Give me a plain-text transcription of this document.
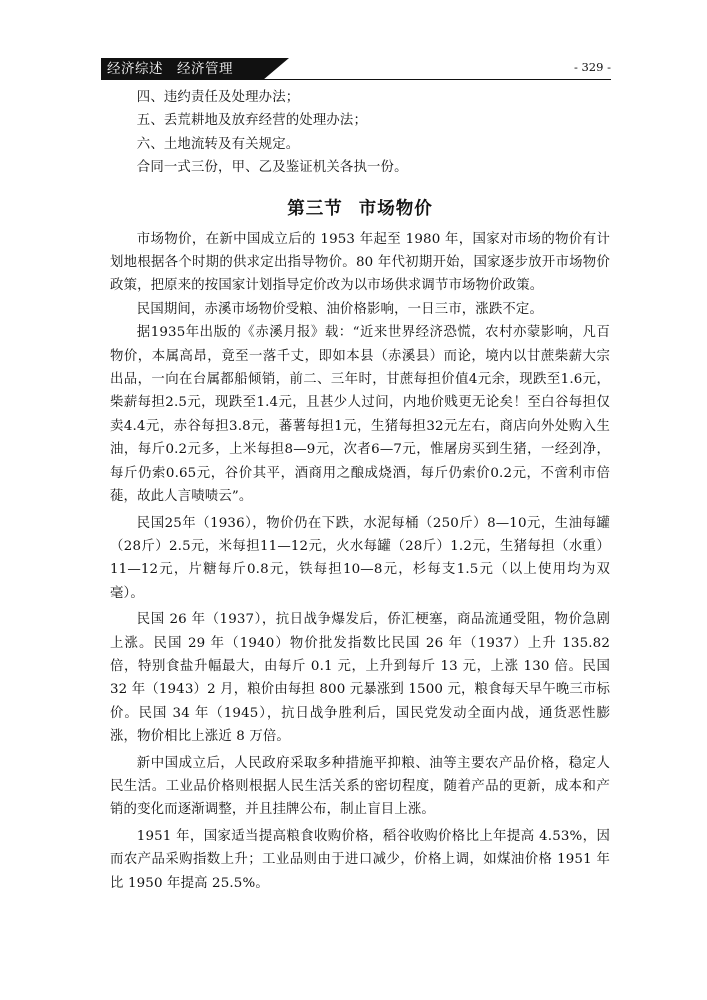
经济综述　经济管理	- 329 -

四、违约责任及处理办法；

五、丢荒耕地及放弃经营的处理办法；

六、土地流转及有关规定。

合同一式三份，甲、乙及鉴证机关各执一份。

第三节 市场物价

市场物价，在新中国成立后的 1953 年起至 1980 年，国家对市场的物价有计划地根据各个时期的供求定出指导物价。80 年代初期开始，国家逐步放开市场物价政策，把原来的按国家计划指导定价改为以市场供求调节市场物价政策。

民国期间，赤溪市场物价受粮、油价格影响，一日三市，涨跌不定。

据1935年出版的《赤溪月报》载：“近来世界经济恐慌，农村亦蒙影响，凡百物价，本属高昂，竟至一落千丈，即如本县（赤溪县）而论，境内以甘蔗柴薪大宗出品，一向在台属都船倾销，前二、三年时，甘蔗每担价值4元余，现跌至1.6元，柴薪每担2.5元，现跌至1.4元，且甚少人过问，内地价贱更无论矣！至白谷每担仅卖4.4元，赤谷每担3.8元，蕃薯每担1元，生猪每担32元左右，商店向外处购入生油，每斤0.2元多，上米每担8—9元，次者6—7元，惟屠房买到生猪，一经刭净，每斤仍索0.65元，谷价其平，酒商用之酿成烧酒，每斤仍索价0.2元，不啻利市倍蓰，故此人言啧啧云”。

民国25年（1936），物价仍在下跌，水泥每桶（250斤）8—10元，生油每罐（28斤）2.5元，米每担11—12元，火水每罐（28斤）1.2元，生猪每担（水重）11—12元，片糖每斤0.8元，铁每担10—8元，杉每支1.5元（以上使用均为双毫）。

民国 26 年（1937），抗日战争爆发后，侨汇梗塞，商品流通受阻，物价急剧上涨。民国 29 年（1940）物价批发指数比民国 26 年（1937）上升 135.82 倍，特别食盐升幅最大，由每斤 0.1 元，上升到每斤 13 元，上涨 130 倍。民国 32 年（1943）2 月，粮价由每担 800 元暴涨到 1500 元，粮食每天早午晚三市标价。民国 34 年（1945），抗日战争胜利后，国民党发动全面内战，通货恶性膨涨，物价相比上涨近 8 万倍。

新中国成立后，人民政府采取多种措施平抑粮、油等主要农产品价格，稳定人民生活。工业品价格则根据人民生活关系的密切程度，随着产品的更新，成本和产销的变化而逐渐调整，并且挂牌公布，制止盲目上涨。

1951 年，国家适当提高粮食收购价格，稻谷收购价格比上年提高 4.53%，因而农产品采购指数上升；工业品则由于进口减少，价格上调，如煤油价格 1951 年比 1950 年提高 25.5%。
